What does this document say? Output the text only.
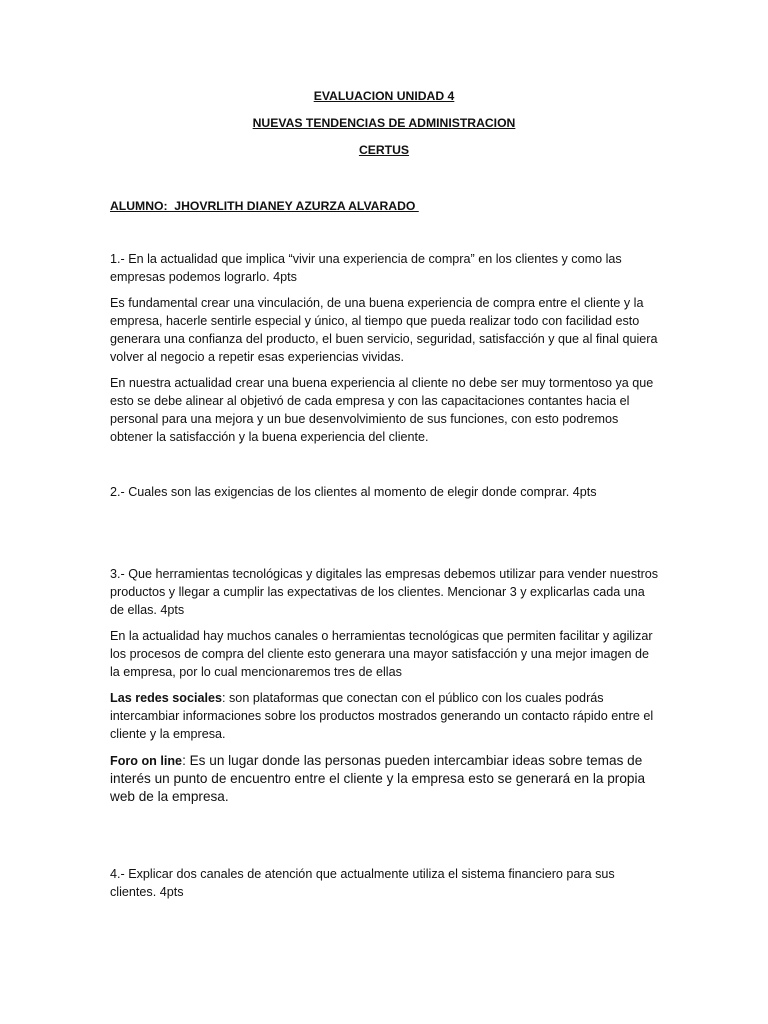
EVALUACION UNIDAD 4
NUEVAS TENDENCIAS DE ADMINISTRACION
CERTUS
ALUMNO:  JHOVRLITH DIANEY AZURZA ALVARADO

1.- En la actualidad que implica “vivir una experiencia de compra” en los clientes y como las empresas podemos lograrlo. 4pts

Es fundamental crear una vinculación, de una buena experiencia de compra entre el cliente y la empresa, hacerle sentirle especial y único, al tiempo que pueda realizar todo con facilidad esto generara una confianza del producto, el buen servicio, seguridad, satisfacción y que al final quiera volver al negocio a repetir esas experiencias vividas.

En nuestra actualidad crear una buena experiencia al cliente no debe ser muy tormentoso ya que esto se debe alinear al objetivó de cada empresa y con las capacitaciones contantes hacia el personal para una mejora y un bue desenvolvimiento de sus funciones, con esto podremos obtener la satisfacción y la buena experiencia del cliente.

2.- Cuales son las exigencias de los clientes al momento de elegir donde comprar. 4pts

3.- Que herramientas tecnológicas y digitales las empresas debemos utilizar para vender nuestros productos y llegar a cumplir las expectativas de los clientes. Mencionar 3 y explicarlas cada una de ellas. 4pts

En la actualidad hay muchos canales o herramientas tecnológicas que permiten facilitar y agilizar los procesos de compra del cliente esto generara una mayor satisfacción y una mejor imagen de la empresa, por lo cual mencionaremos tres de ellas

Las redes sociales: son plataformas que conectan con el público con los cuales podrás intercambiar informaciones sobre los productos mostrados generando un contacto rápido entre el cliente y la empresa.

Foro on line: Es un lugar donde las personas pueden intercambiar ideas sobre temas de interés un punto de encuentro entre el cliente y la empresa esto se generará en la propia web de la empresa.

4.- Explicar dos canales de atención que actualmente utiliza el sistema financiero para sus clientes. 4pts
